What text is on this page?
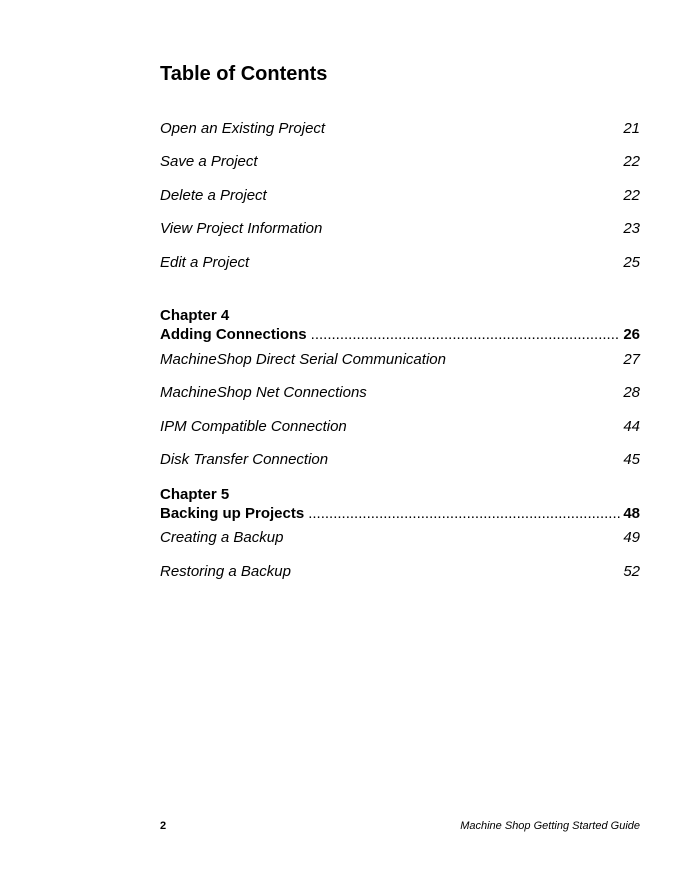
Table of Contents
Open an Existing Project	21
Save a Project	22
Delete a Project	22
View Project Information	23
Edit a Project	25
Chapter 4
Adding Connections .....	26
MachineShop Direct Serial Communication	27
MachineShop Net Connections	28
IPM Compatible Connection	44
Disk Transfer Connection	45
Chapter 5
Backing up Projects .....	48
Creating a Backup	49
Restoring a Backup	52
2	Machine Shop Getting Started Guide
